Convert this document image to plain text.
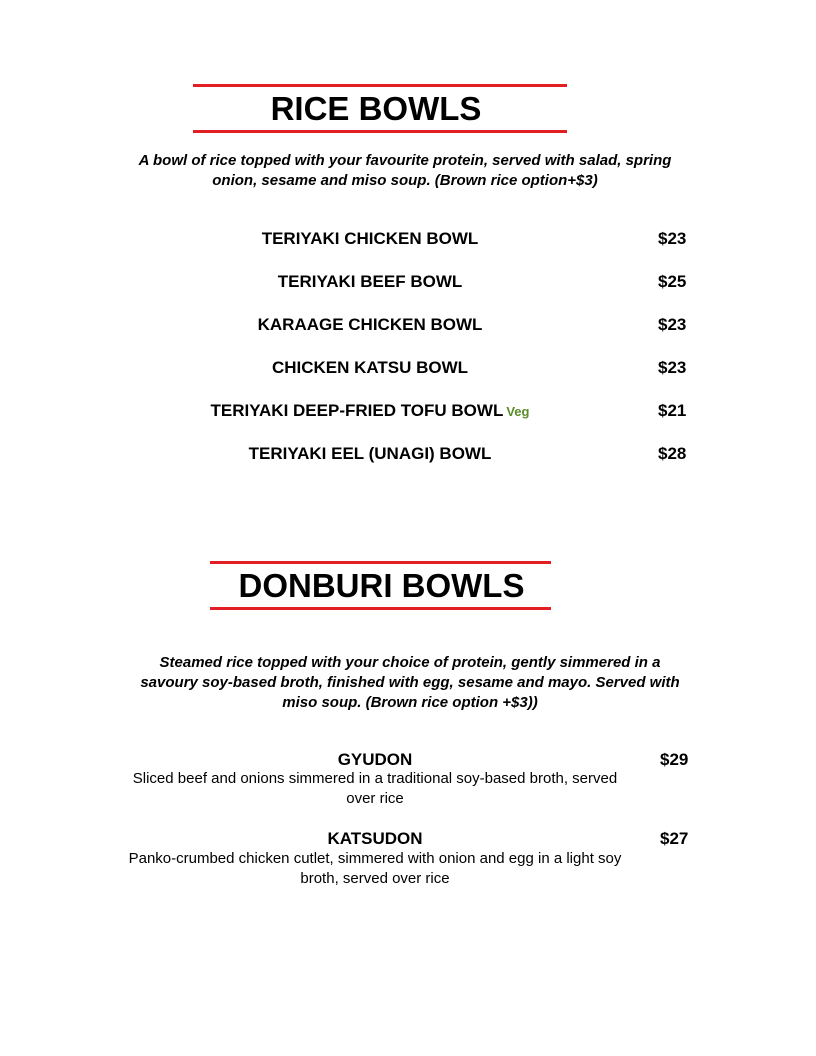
RICE BOWLS
A bowl of rice topped with your favourite protein, served with salad, spring
onion, sesame and miso soup. (Brown rice option+$3)
TERIYAKI CHICKEN BOWL	$23
TERIYAKI BEEF BOWL	$25
KARAAGE CHICKEN BOWL	$23
CHICKEN KATSU BOWL	$23
TERIYAKI DEEP-FRIED TOFU BOWL Veg	$21
TERIYAKI EEL (UNAGI) BOWL	$28
DONBURI BOWLS
Steamed rice topped with your choice of protein, gently simmered in a
savoury soy-based broth, finished with egg, sesame and mayo. Served with
miso soup. (Brown rice option +$3))
GYUDON	$29
Sliced beef and onions simmered in a traditional soy-based broth, served
over rice
KATSUDON	$27
Panko-crumbed chicken cutlet, simmered with onion and egg in a light soy
broth, served over rice
